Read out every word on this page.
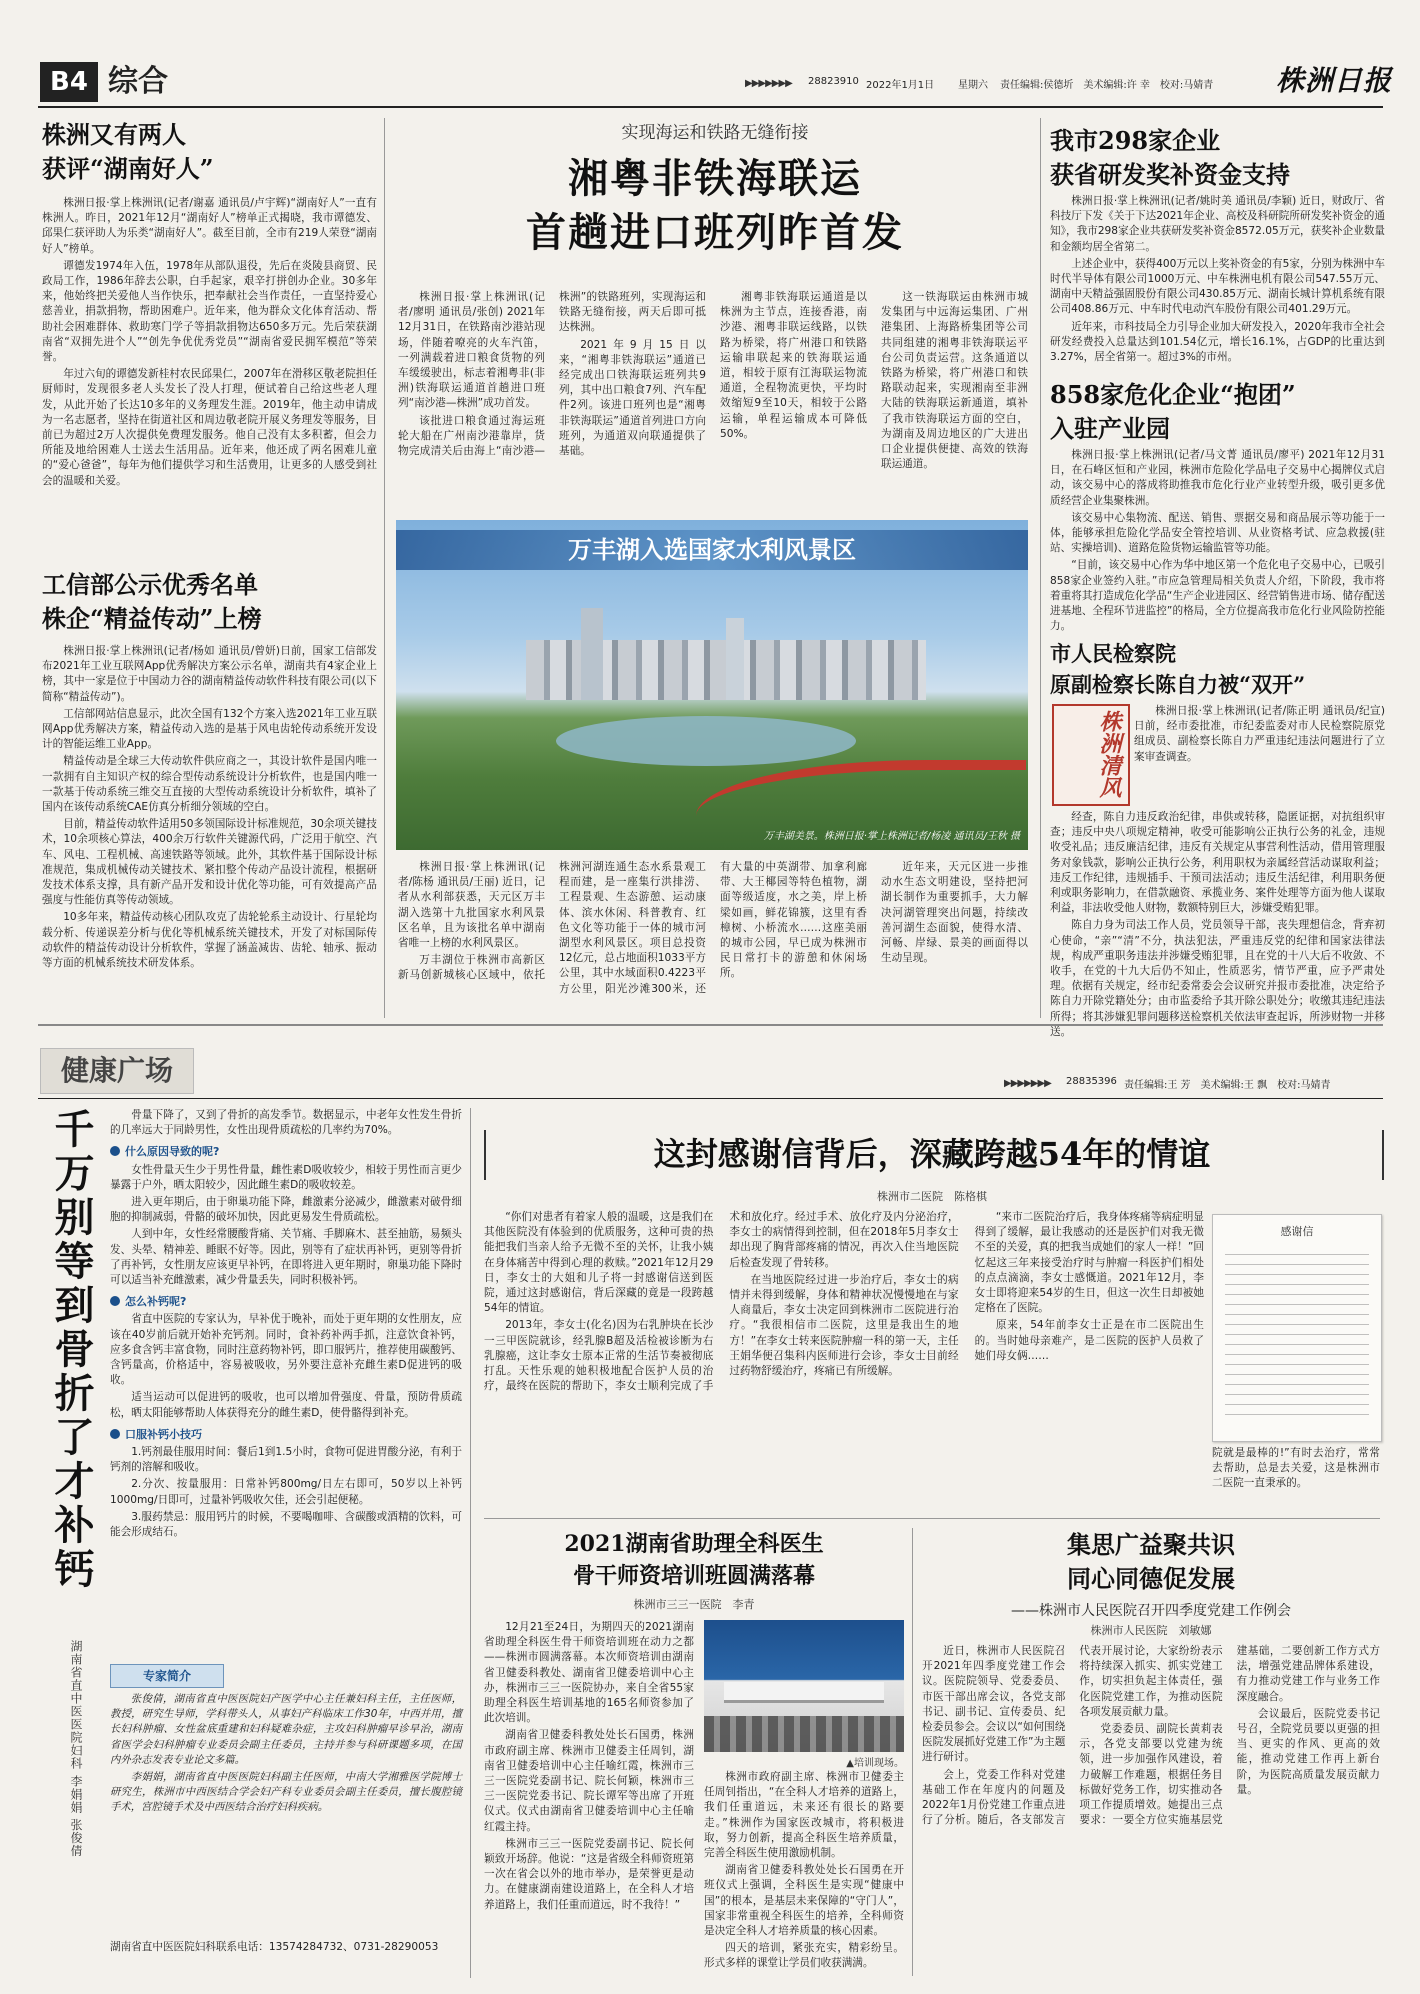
B4 综合	▶▶▶▶▶▶▶ 28823910 2022年1月1日 星期六 责任编辑:侯德圻　美术编辑:许 幸　校对:马婧青 株洲日报
株洲又有两人
获评“湖南好人”

株洲日报·掌上株洲讯(记者/谢嘉 通讯员/卢宇辉)“湖南好人”一直有株洲人。昨日，2021年12月“湖南好人”榜单正式揭晓，我市谭德发、邱果仁获评助人为乐类“湖南好人”。截至目前，全市有219人荣登“湖南好人”榜单。

谭德发1974年入伍，1978年从部队退役，先后在炎陵县商贸、民政局工作，1986年辞去公职，白手起家，艰辛打拼创办企业。30多年来，他始终把关爱他人当作快乐，把奉献社会当作责任，一直坚持爱心慈善业，捐款捐物，帮助困难户。近年来，他为群众文化体育活动、帮助社会困难群体、救助寒门学子等捐款捐物达650多万元。先后荣获湖南省“双拥先进个人”“创先争优优秀党员”“湖南省爱民拥军模范”等荣誉。

年过六旬的谭德发新桂村农民邱果仁，2007年在滑移区敬老院担任厨师时，发现很多老人头发长了没人打理，便试着自己给这些老人理发，从此开始了长达10多年的义务理发生涯。2019年，他主动申请成为一名志愿者，坚持在街道社区和周边敬老院开展义务理发等服务，目前已为超过2万人次提供免费理发服务。他自己没有太多积蓄，但会力所能及地给困难人士送去生活用品。近年来，他还成了两名困难儿童的“爱心爸爸”，每年为他们提供学习和生活费用，让更多的人感受到社会的温暖和关爱。

工信部公示优秀名单
株企“精益传动”上榜

株洲日报·掌上株洲讯(记者/杨如 通讯员/曾妍)日前，国家工信部发布2021年工业互联网App优秀解决方案公示名单，湖南共有4家企业上榜，其中一家是位于中国动力谷的湖南精益传动软件科技有限公司(以下简称“精益传动”)。

工信部网站信息显示，此次全国有132个方案入选2021年工业互联网App优秀解决方案，精益传动入选的是基于风电齿轮传动系统开发设计的智能运维工业App。

精益传动是全球三大传动软件供应商之一，其设计软件是国内唯一一款拥有自主知识产权的综合型传动系统设计分析软件，也是国内唯一一款基于传动系统三维交互直接的大型传动系统设计分析软件，填补了国内在该传动系统CAE仿真分析细分领域的空白。

目前，精益传动软件适用50多领国际设计标准规范，30余项关键技术，10余项核心算法，400余万行软件关键源代码，广泛用于航空、汽车、风电、工程机械、高速铁路等领域。此外，其软件基于国际设计标准规范，集成机械传动关键技术、紧扣整个传动产品设计流程，根据研发技术体系支撑，具有新产品开发和设计优化等功能，可有效提高产品强度与性能仿真等传动领域。

10多年来，精益传动核心团队攻克了齿轮轮系主动设计、行星轮均载分析、传递误差分析与优化等机械系统关键技术，开发了对标国际传动软件的精益传动设计分析软件，掌握了涵盖减齿、齿轮、轴承、振动等方面的机械系统技术研发体系。

实现海运和铁路无缝衔接
湘粤非铁海联运
首趟进口班列昨首发

株洲日报·掌上株洲讯(记者/廖明 通讯员/张创) 2021年12月31日，在铁路南沙港站现场，伴随着嘹亮的火车汽笛，一列满载着进口粮食货物的列车缓缓驶出，标志着湘粤非(非洲)铁海联运通道首趟进口班列“南沙港—株洲”成功首发。

该批进口粮食通过海运班轮大船在广州南沙港靠岸，货物完成清关后由海上“南沙港—株洲”的铁路班列，实现海运和铁路无缝衔接，两天后即可抵达株洲。

2021年9月15日以来，“湘粤非铁海联运”通道已经完成出口铁海联运班列共9列，其中出口粮食7列、汽车配件2列。该进口班列也是“湘粤非铁海联运”通道首列进口方向班列，为通道双向联通提供了基础。

湘粤非铁海联运通道是以株洲为主节点，连接香港，南沙港、湘粤非联运线路，以铁路为桥梁，将广州港口和铁路运输串联起来的铁海联运通道，相较于原有江海联运物流通道，全程物流更快，平均时效缩短9至10天，相较于公路运输，单程运输成本可降低50%。

这一铁海联运由株洲市城发集团与中远海运集团、广州港集团、上海路桥集团等公司共同组建的湘粤非铁海联运平台公司负责运营。这条通道以铁路为桥梁，将广州港口和铁路联动起来，实现湘南至非洲大陆的铁海联运新通道，填补了我市铁海联运方面的空白，为湖南及周边地区的广大进出口企业提供便捷、高效的铁海联运通道。

万丰湖入选国家水利风景区
万丰湖美景。株洲日报·掌上株洲记者/杨凌 通讯员/王秋 摄

株洲日报·掌上株洲讯(记者/陈杨 通讯员/王丽) 近日，记者从水利部获悉，天元区万丰湖入选第十九批国家水利风景区名单，且为该批名单中湖南省唯一上榜的水利风景区。

万丰湖位于株洲市高新区新马创新城核心区域中，依托株洲河湖连通生态水系景观工程而建，是一座集行洪排涝、工程景观、生态游憩、运动康体、滨水休闲、科普教育、红色文化等功能于一体的城市河湖型水利风景区。项目总投资12亿元，总占地面积1033平方公里，其中水域面积0.4223平方公里，阳光沙滩300米，还有大量的中英湖带、加拿利廊带、大王椰园等特色植物，湖面等级适度，水之美，岸上桥梁如画，鲜花锦簇，这里有香樟树、小桥流水……这座美丽的城市公园，早已成为株洲市民日常打卡的游憩和休闲场所。

近年来，天元区进一步推动水生态文明建设，坚持把河湖长制作为重要抓手，大力解决河湖管理突出问题，持续改善河湖生态面貌，使得水清、河畅、岸绿、景美的画面得以生动呈现。

我市298家企业
获省研发奖补资金支持

株洲日报·掌上株洲讯(记者/姚时美 通讯员/李颖) 近日，财政厅、省科技厅下发《关于下达2021年企业、高校及科研院所研发奖补资金的通知》，我市298家企业共获研发奖补资金8572.05万元，获奖补企业数量和金额均居全省第二。

上述企业中，获得400万元以上奖补资金的有5家，分别为株洲中车时代半导体有限公司1000万元、中车株洲电机有限公司547.55万元、湖南中天精益强固股份有限公司430.85万元、湖南长城计算机系统有限公司408.86万元、中车时代电动汽车股份有限公司401.29万元。

近年来，市科技局全力引导企业加大研发投入，2020年我市全社会研发经费投入总量达到101.54亿元，增长16.1%，占GDP的比重达到3.27%，居全省第一。超过3%的市州。

858家危化企业“抱团”
入驻产业园

株洲日报·掌上株洲讯(记者/马文菁 通讯员/廖平) 2021年12月31日，在石峰区恒和产业园，株洲市危险化学品电子交易中心揭牌仪式启动，该交易中心的落成将助推我市危化行业产业转型升级，吸引更多优质经营企业集聚株洲。

该交易中心集物流、配送、销售、票据交易和商品展示等功能于一体，能够承担危险化学品安全管控培训、从业资格考试、应急救援(驻站、实操培训)、道路危险货物运输监管等功能。

“目前，该交易中心作为华中地区第一个危化电子交易中心，已吸引858家企业签约入驻。”市应急管理局相关负责人介绍，下阶段，我市将着重将其打造成危化学品“生产企业进园区、经营销售进市场、储存配送进基地、全程环节进监控”的格局，全方位提高我市危化行业风险防控能力。

市人民检察院
原副检察长陈自力被“双开”
株洲清风	株洲日报·掌上株洲讯(记者/陈正明 通讯员/纪宣) 日前，经市委批准，市纪委监委对市人民检察院原党组成员、副检察长陈自力严重违纪违法问题进行了立案审查调查。

经查，陈自力违反政治纪律，串供或转移，隐匿证据，对抗组织审查；违反中央八项规定精神，收受可能影响公正执行公务的礼金，违规收受礼品；违反廉洁纪律，违反有关规定从事营利性活动，借用管理服务对象钱款，影响公正执行公务，利用职权为亲属经营活动谋取利益；违反工作纪律，违规插手、干预司法活动；违反生活纪律，利用职务便利或职务影响力，在借款融资、承揽业务、案件处理等方面为他人谋取利益，非法收受他人财物，数额特别巨大，涉嫌受贿犯罪。

陈自力身为司法工作人员，党员领导干部，丧失理想信念，背弃初心使命，“亲”“清”不分，执法犯法，严重违反党的纪律和国家法律法规，构成严重职务违法并涉嫌受贿犯罪，且在党的十八大后不收敛、不收手，在党的十九大后仍不知止，性质恶劣，情节严重，应予严肃处理。依据有关规定，经市纪委常委会会议研究并报市委批准，决定给予陈自力开除党籍处分；由市监委给予其开除公职处分；收缴其违纪违法所得；将其涉嫌犯罪问题移送检察机关依法审查起诉，所涉财物一并移送。

健康广场	▶▶▶▶▶▶▶ 28835396 责任编辑:王 芳　美术编辑:王 飘　校对:马婧青
千万别等到骨折了才补钙
湖南省直中医医院妇科 李娟娟 张俊倩

骨量下降了，又到了骨折的高发季节。数据显示，中老年女性发生骨折的几率远大于同龄男性，女性出现骨质疏松的几率约为70%。

什么原因导致的呢?

女性骨量天生少于男性骨量，雌性素D吸收较少，相较于男性而言更少暴露于户外，晒太阳较少，因此雌生素D的吸收较差。

进入更年期后，由于卵巢功能下降，雌激素分泌减少，雌激素对破骨细胞的抑制减弱，骨骼的破坏加快，因此更易发生骨质疏松。

人到中年，女性经常腰酸背痛、关节痛、手脚麻木、甚至抽筋，易频头发、头晕、精神差、睡眠不好等。因此，别等有了症状再补钙，更别等骨折了再补钙，女性朋友应该更早补钙，在即将进入更年期时，卵巢功能下降时可以适当补充雌激素，减少骨量丢失，同时积极补钙。

怎么补钙呢?

省直中医院的专家认为，早补优于晚补，而处于更年期的女性朋友，应该在40岁前后就开始补充钙剂。同时，食补药补两手抓，注意饮食补钙，应多食含钙丰富食物，同时注意药物补钙，即口服钙片，推荐使用碳酸钙、含钙量高，价格适中，容易被吸收，另外要注意补充雌生素D促进钙的吸收。

适当运动可以促进钙的吸收，也可以增加骨强度、骨量，预防骨质疏松，晒太阳能够帮助人体获得充分的雌生素D，使骨骼得到补充。

口服补钙小技巧

1.钙剂最佳服用时间：餐后1到1.5小时，食物可促进胃酸分泌，有利于钙剂的溶解和吸收。

2.分次、按量服用：日常补钙800mg/日左右即可，50岁以上补钙1000mg/日即可，过量补钙吸收欠佳，还会引起便秘。

3.服药禁忌：服用钙片的时候，不要喝咖啡、含碳酸或酒精的饮料，可能会形成结石。

专家简介

张俊倩，湖南省直中医医院妇产医学中心主任兼妇科主任，主任医师，教授，研究生导师，学科带头人，从事妇产科临床工作30年，中西并用，擅长妇科肿瘤、女性盆底重建和妇科疑难杂症，主攻妇科肿瘤早诊早治，湖南省医学会妇科肿瘤专业委员会副主任委员，主持并参与科研课题多项，在国内外杂志发表专业论文多篇。

李娟娟，湖南省直中医医院妇科副主任医师，中南大学湘雅医学院博士研究生，株洲市中西医结合学会妇产科专业委员会副主任委员，擅长腹腔镜手术，宫腔镜手术及中西医结合治疗妇科疾病。

湖南省直中医医院妇科联系电话：13574284732、0731-28290053
这封感谢信背后，深藏跨越54年的情谊
株洲市二医院　陈格棋

“你们对患者有着家人般的温暖，这是我们在其他医院没有体验到的优质服务，这种可贵的热能把我们当亲人给予无微不至的关怀，让我小姨在身体痛苦中得到心理的救赎。”2021年12月29日，李女士的大姐和儿子将一封感谢信送到医院，通过这封感谢信，背后深藏的竟是一段跨越54年的情谊。

2013年，李女士(化名)因为右乳肿块在长沙一三甲医院就诊，经乳腺B超及活检被诊断为右乳腺癌，这让李女士原本正常的生活节奏被彻底打乱。天性乐观的她积极地配合医护人员的治疗，最终在医院的帮助下，李女士顺利完成了手术和放化疗。经过手术、放化疗及内分泌治疗，李女士的病情得到控制，但在2018年5月李女士却出现了胸背部疼痛的情况，再次入住当地医院后检查发现了骨转移。

在当地医院经过进一步治疗后，李女士的病情并未得到缓解，身体和精神状况慢慢地在与家人商量后，李女士决定回到株洲市二医院进行治疗。“我很相信市二医院，这里是我出生的地方！”在李女士转来医院肿瘤一科的第一天，主任王娟华便召集科内医师进行会诊，李女士目前经过药物舒缓治疗，疼痛已有所缓解。

“来市二医院治疗后，我身体疼痛等病症明显得到了缓解，最让我感动的还是医护们对我无微不至的关爱，真的把我当成她们的家人一样！”回忆起这三年来接受治疗时与肿瘤一科医护们相处的点点滴滴，李女士感慨道。2021年12月，李女士即将迎来54岁的生日，但这一次生日却被她定格在了医院。

原来，54年前李女士正是在市二医院出生的。当时她母亲难产，是二医院的医护人员救了她们母女俩……

感谢信
院就是最棒的!”有时去治疗，常常去帮助，总是去关爱，这是株洲市二医院一直秉承的。
2021湖南省助理全科医生
骨干师资培训班圆满落幕
株洲市三三一医院　李青

12月21至24日，为期四天的2021湖南省助理全科医生骨干师资培训班在动力之都——株洲市圆满落幕。本次师资培训由湖南省卫健委科教处、湖南省卫健委培训中心主办，株洲市三三一医院协办，来自全省55家助理全科医生培训基地的165名师资参加了此次培训。

湖南省卫健委科教处处长石国勇，株洲市政府副主席、株洲市卫健委主任周钊，湖南省卫健委培训中心主任喻红霞，株洲市三三一医院党委副书记、院长何颖，株洲市三三一医院党委书记、院长谭军等出席了开班仪式。仪式由湖南省卫健委培训中心主任喻红霞主持。

株洲市三三一医院党委副书记、院长何颖致开场辞。他说：“这是省级全科师资班第一次在省会以外的地市举办，是荣誉更是动力。在健康湖南建设道路上，在全科人才培养道路上，我们任重而道远，时不我待！”

▲培训现场。

株洲市政府副主席、株洲市卫健委主任周钊指出，“在全科人才培养的道路上，我们任重道远，未来还有很长的路要走。”株洲作为国家医改城市，将积极进取，努力创新，提高全科医生培养质量，完善全科医生使用激励机制。

湖南省卫健委科教处处长石国勇在开班仪式上强调，全科医生是实现“健康中国”的根本，是基层未来保障的“守门人”，国家非常重视全科医生的培养，全科师资是决定全科人才培养质量的核心因素。

四天的培训，紧张充实，精彩纷呈。形式多样的课堂让学员们收获满满。

集思广益聚共识
同心同德促发展
——株洲市人民医院召开四季度党建工作例会
株洲市人民医院　刘敏娜

近日，株洲市人民医院召开2021年四季度党建工作会议。医院院领导、党委委员、市医干部出席会议，各党支部书记、副书记、宣传委员、纪检委员参会。会议以“如何围绕医院发展抓好党建工作”为主题进行研讨。

会上，党委工作科对党建基础工作在年度内的问题及2022年1月份党建工作重点进行了分析。随后，各支部发言代表开展讨论，大家纷纷表示将持续深入抓实、抓实党建工作，切实担负起主体责任，强化医院党建工作，为推动医院各项发展贡献力量。

党委委员、副院长黄莉表示，各党支部要以党建为统领，进一步加强作风建设，着力破解工作难题，根据任务目标做好党务工作，切实推动各项工作提质增效。她提出三点要求：一要全方位实施基层党建基础，二要创新工作方式方法，增强党建品牌体系建设，有力推动党建工作与业务工作深度融合。

会议最后，医院党委书记号召，全院党员要以更强的担当、更实的作风、更高的效能，推动党建工作再上新台阶，为医院高质量发展贡献力量。
